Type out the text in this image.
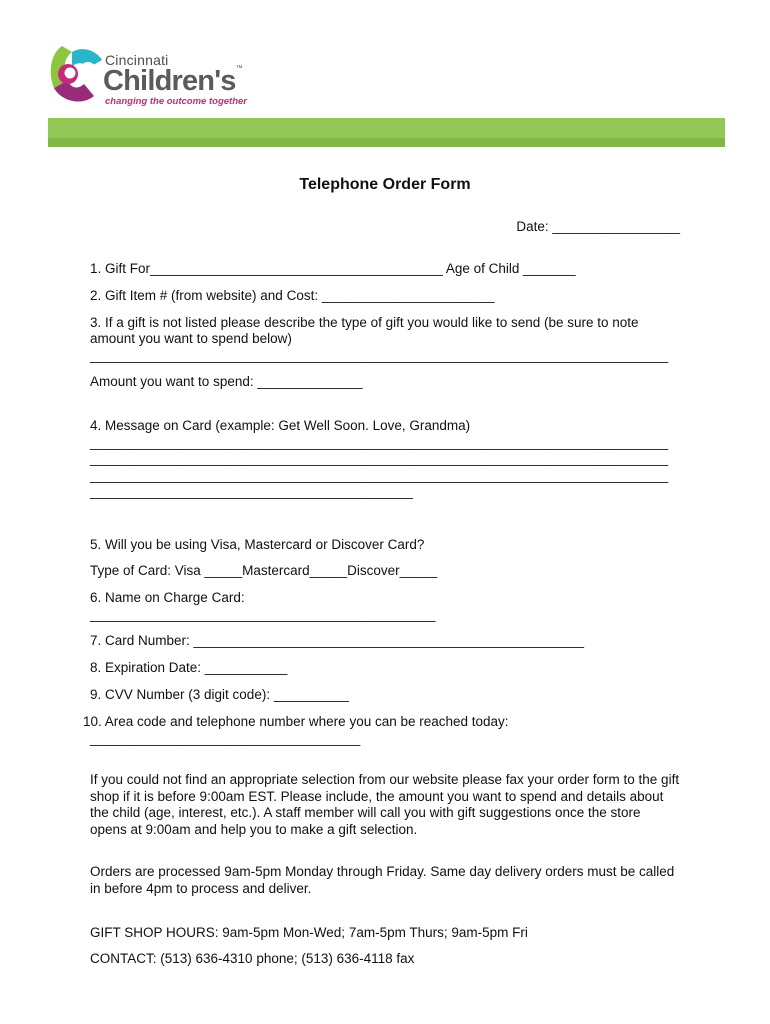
Cincinnati
Children's™
changing the outcome together
Telephone Order Form
Date: _________________
1. Gift For_______________________________________ Age of Child _______
2. Gift Item # (from website) and Cost: _______________________
3. If a gift is not listed please describe the type of gift you would like to send (be sure to note
amount you want to spend below)
_____________________________________________________________________________
Amount you want to spend: ______________
4. Message on Card (example: Get Well Soon. Love, Grandma)
_____________________________________________________________________________
_____________________________________________________________________________
_____________________________________________________________________________
___________________________________________
5. Will you be using Visa, Mastercard or Discover Card?
Type of Card: Visa _____Mastercard_____Discover_____
6. Name on Charge Card:
______________________________________________
7. Card Number: ____________________________________________________
8. Expiration Date: ___________
9. CVV Number (3 digit code): __________
10. Area code and telephone number where you can be reached today:
____________________________________
If you could not find an appropriate selection from our website please fax your order form to the gift shop if it is before 9:00am EST. Please include, the amount you want to spend and details about the child (age, interest, etc.). A staff member will call you with gift suggestions once the store opens at 9:00am and help you to make a gift selection.
Orders are processed 9am-5pm Monday through Friday. Same day delivery orders must be called in before 4pm to process and deliver.
GIFT SHOP HOURS: 9am-5pm Mon-Wed; 7am-5pm Thurs; 9am-5pm Fri
CONTACT: (513) 636-4310 phone; (513) 636-4118 fax
